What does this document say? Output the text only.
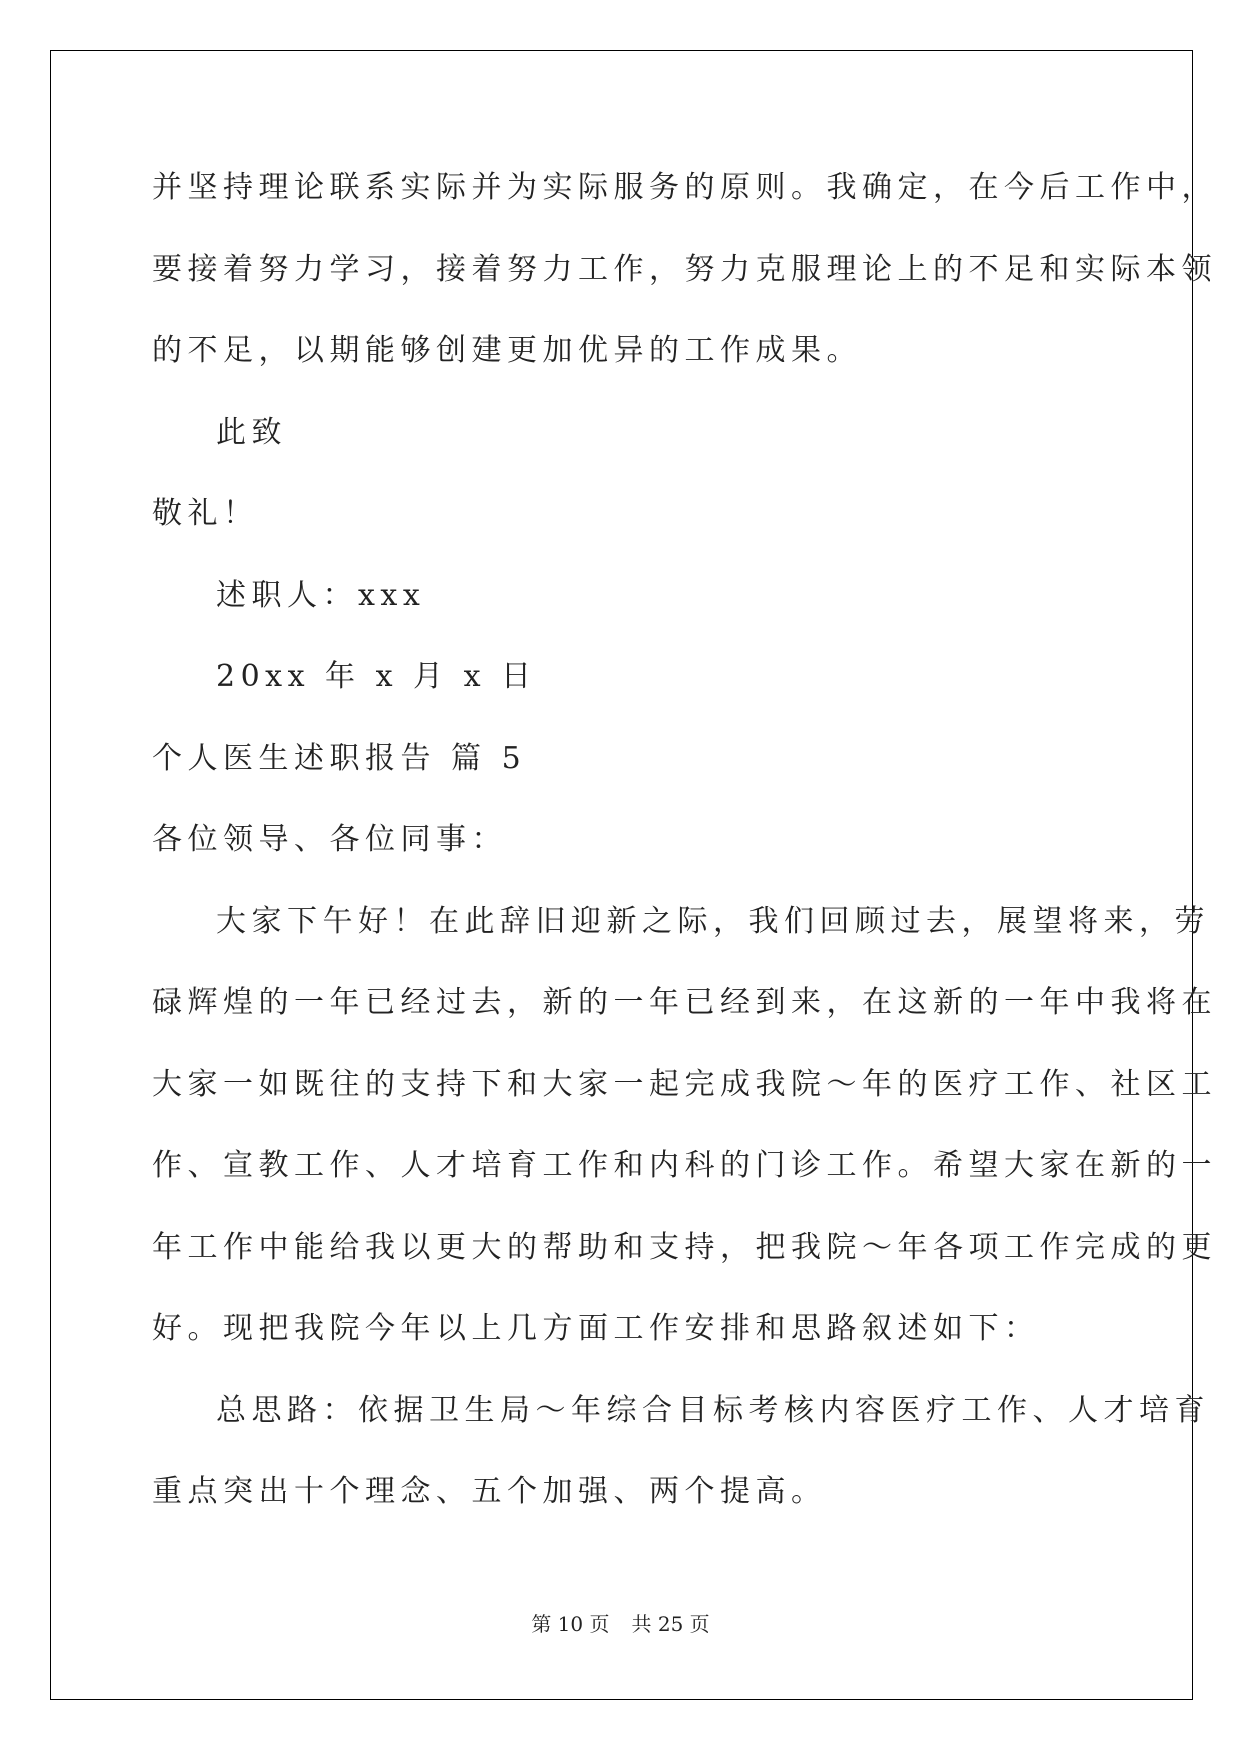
并坚持理论联系实际并为实际服务的原则。我确定，在今后工作中，
要接着努力学习，接着努力工作，努力克服理论上的不足和实际本领
的不足，以期能够创建更加优异的工作成果。
此致
敬礼！
述职人：xxx
20xx 年 x 月 x 日
个人医生述职报告 篇 5
各位领导、各位同事：
大家下午好！在此辞旧迎新之际，我们回顾过去，展望将来，劳
碌辉煌的一年已经过去，新的一年已经到来，在这新的一年中我将在
大家一如既往的支持下和大家一起完成我院～年的医疗工作、社区工
作、宣教工作、人才培育工作和内科的门诊工作。希望大家在新的一
年工作中能给我以更大的帮助和支持，把我院～年各项工作完成的更
好。现把我院今年以上几方面工作安排和思路叙述如下：
总思路：依据卫生局～年综合目标考核内容医疗工作、人才培育
重点突出十个理念、五个加强、两个提高。
第 10 页 共 25 页
